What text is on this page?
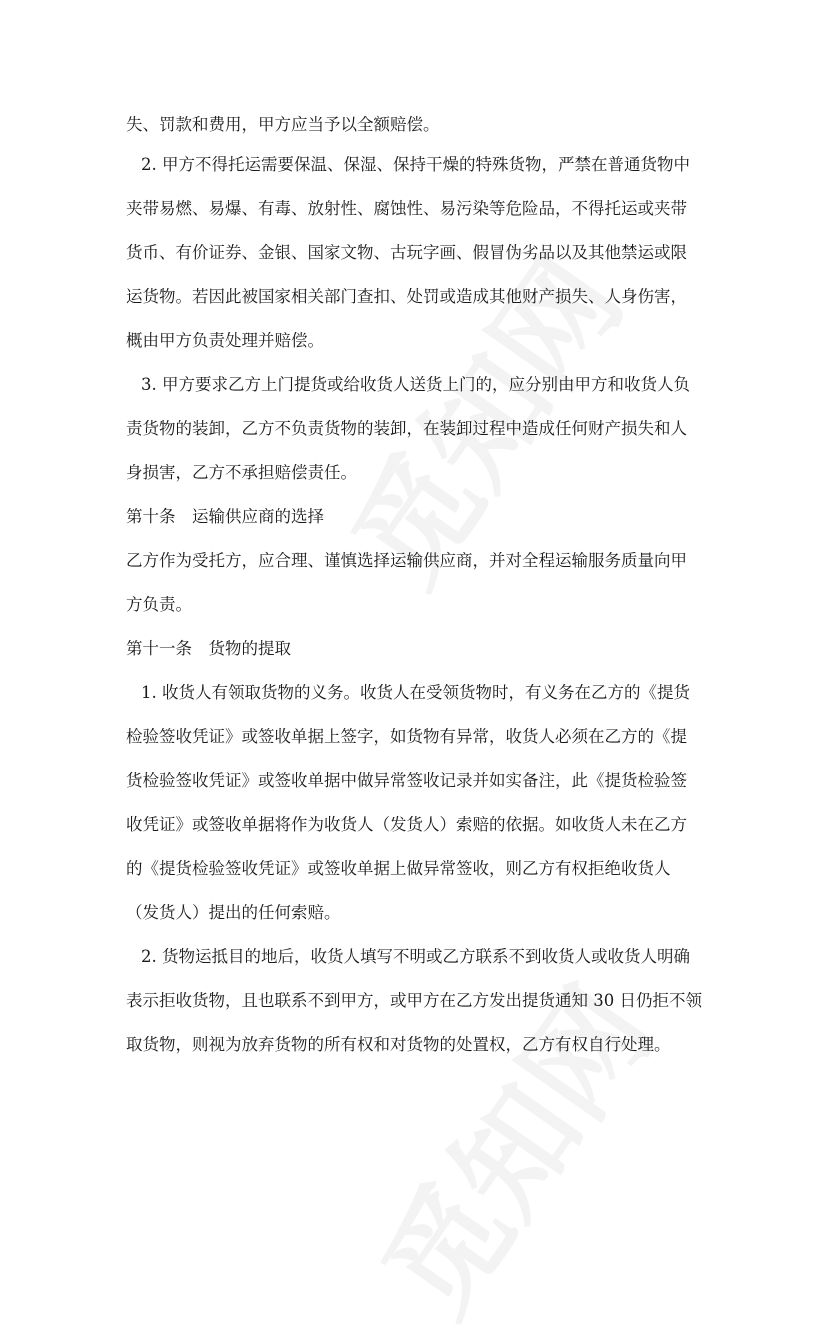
失、罚款和费用，甲方应当予以全额赔偿。
2. 甲方不得托运需要保温、保湿、保持干燥的特殊货物，严禁在普通货物中
夹带易燃、易爆、有毒、放射性、腐蚀性、易污染等危险品，不得托运或夹带
货币、有价证券、金银、国家文物、古玩字画、假冒伪劣品以及其他禁运或限
运货物。若因此被国家相关部门查扣、处罚或造成其他财产损失、人身伤害，
概由甲方负责处理并赔偿。
3. 甲方要求乙方上门提货或给收货人送货上门的，应分别由甲方和收货人负
责货物的装卸，乙方不负责货物的装卸，在装卸过程中造成任何财产损失和人
身损害，乙方不承担赔偿责任。
第十条　运输供应商的选择
乙方作为受托方，应合理、谨慎选择运输供应商，并对全程运输服务质量向甲
方负责。
第十一条　货物的提取
1. 收货人有领取货物的义务。收货人在受领货物时，有义务在乙方的《提货
检验签收凭证》或签收单据上签字，如货物有异常，收货人必须在乙方的《提
货检验签收凭证》或签收单据中做异常签收记录并如实备注，此《提货检验签
收凭证》或签收单据将作为收货人（发货人）索赔的依据。如收货人未在乙方
的《提货检验签收凭证》或签收单据上做异常签收，则乙方有权拒绝收货人
（发货人）提出的任何索赔。
2. 货物运抵目的地后，收货人填写不明或乙方联系不到收货人或收货人明确
表示拒收货物，且也联系不到甲方，或甲方在乙方发出提货通知 30 日仍拒不领
取货物，则视为放弃货物的所有权和对货物的处置权，乙方有权自行处理。
